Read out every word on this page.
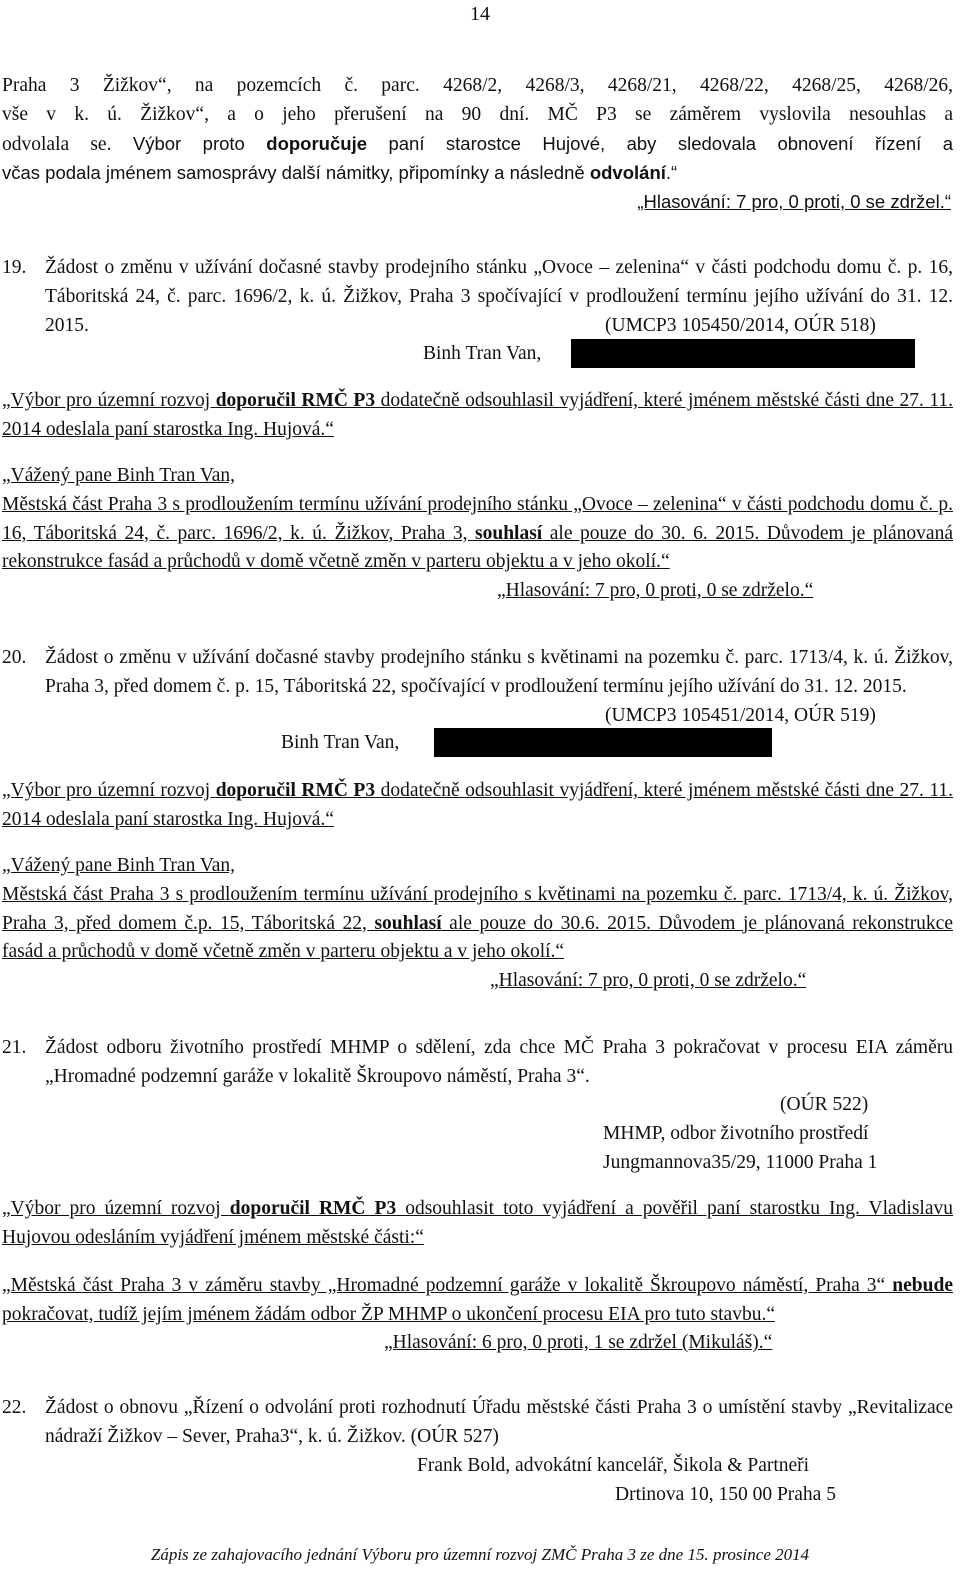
14
Praha 3 Žižkov“, na pozemcích č. parc. 4268/2, 4268/3, 4268/21, 4268/22, 4268/25, 4268/26,
vše v k. ú. Žižkov“, a o jeho přerušení na 90 dní. MČ P3 se záměrem vyslovila nesouhlas a
odvolala se. Výbor proto doporučuje paní starostce Hujové, aby sledovala obnovení řízení a
včas podala jménem samosprávy další námitky, připomínky a následně odvolání.“
„Hlasování: 7 pro, 0 proti, 0 se zdržel.“
19. Žádost o změnu v užívání dočasné stavby prodejního stánku „Ovoce – zelenina“ v části podchodu domu č. p. 16, Táboritská 24, č. parc. 1696/2, k. ú. Žižkov, Praha 3 spočívající v prodloužení termínu jejího užívání do 31. 12. 2015.	(UMCP3 105450/2014, OÚR 518)
Binh Tran Van,
„Výbor pro územní rozvoj doporučil RMČ P3 dodatečně odsouhlasil vyjádření, které jménem městské části dne 27. 11. 2014 odeslala paní starostka Ing. Hujová.“
„Vážený pane Binh Tran Van,
Městská část Praha 3 s prodloužením termínu užívání prodejního stánku „Ovoce – zelenina“ v části podchodu domu č. p. 16, Táboritská 24, č. parc. 1696/2, k. ú. Žižkov, Praha 3, souhlasí ale pouze do 30. 6. 2015. Důvodem je plánovaná rekonstrukce fasád a průchodů v domě včetně změn v parteru objektu a v jeho okolí.“
„Hlasování: 7 pro, 0 proti, 0 se zdrželo.“
20. Žádost o změnu v užívání dočasné stavby prodejního stánku s květinami na pozemku č. parc. 1713/4, k. ú. Žižkov, Praha 3, před domem č. p. 15, Táboritská 22, spočívající v prodloužení termínu jejího užívání do 31. 12. 2015.
(UMCP3 105451/2014, OÚR 519)
Binh Tran Van,
„Výbor pro územní rozvoj doporučil RMČ P3 dodatečně odsouhlasit vyjádření, které jménem městské části dne 27. 11. 2014 odeslala paní starostka Ing. Hujová.“
„Vážený pane Binh Tran Van,
Městská část Praha 3 s prodloužením termínu užívání prodejního s květinami na pozemku č. parc. 1713/4, k. ú. Žižkov, Praha 3, před domem č.p. 15, Táboritská 22, souhlasí ale pouze do 30.6. 2015. Důvodem je plánovaná rekonstrukce fasád a průchodů v domě včetně změn v parteru objektu a v jeho okolí.“
„Hlasování: 7 pro, 0 proti, 0 se zdrželo.“
21. Žádost odboru životního prostředí MHMP o sdělení, zda chce MČ Praha 3 pokračovat v procesu EIA záměru „Hromadné podzemní garáže v lokalitě Škroupovo náměstí, Praha 3“.
(OÚR 522)
MHMP, odbor životního prostředí
Jungmannova35/29, 11000 Praha 1
„Výbor pro územní rozvoj doporučil RMČ P3 odsouhlasit toto vyjádření a pověřil paní starostku Ing. Vladislavu Hujovou odesláním vyjádření jménem městské části:“
„Městská část Praha 3 v záměru stavby „Hromadné podzemní garáže v lokalitě Škroupovo náměstí, Praha 3“ nebude pokračovat, tudíž jejím jménem žádám odbor ŽP MHMP o ukončení procesu EIA pro tuto stavbu.“
„Hlasování: 6 pro, 0 proti, 1 se zdržel (Mikuláš).“
22. Žádost o obnovu „Řízení o odvolání proti rozhodnutí Úřadu městské části Praha 3 o umístění stavby „Revitalizace nádraží Žižkov – Sever, Praha3“, k. ú. Žižkov. (OÚR 527)
Frank Bold, advokátní kancelář, Šikola & Partneři
Drtinova 10, 150 00 Praha 5
Zápis ze zahajovacího jednání Výboru pro územní rozvoj ZMČ Praha 3 ze dne 15. prosince 2014
